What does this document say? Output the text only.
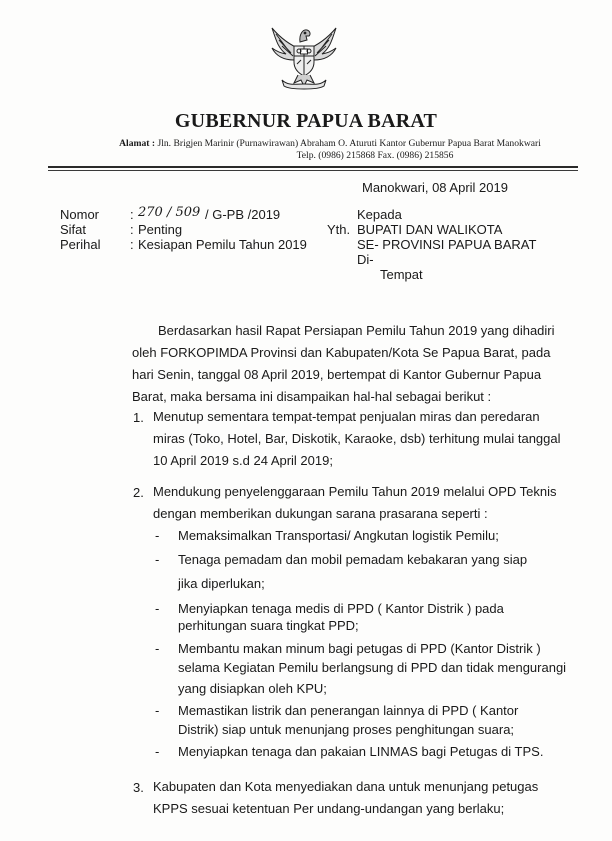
GUBERNUR PAPUA BARAT
Alamat : Jln. Brigjen Marinir (Purnawirawan) Abraham O. Aturuti Kantor Gubernur Papua Barat Manokwari
Telp. (0986) 215868 Fax. (0986) 215856
Manokwari, 08 April 2019
Nomor : 270 / 509 / G-PB /2019
Sifat	: Penting
Perihal : Kesiapan Pemilu Tahun 2019
Kepada
Yth. BUPATI DAN WALIKOTA
SE- PROVINSI PAPUA BARAT
Di-
Tempat
Berdasarkan hasil Rapat Persiapan Pemilu Tahun 2019 yang dihadiri
oleh FORKOPIMDA Provinsi dan Kabupaten/Kota Se Papua Barat, pada
hari Senin, tanggal 08 April 2019, bertempat di Kantor Gubernur Papua
Barat, maka bersama ini disampaikan hal-hal sebagai berikut :
1. Menutup sementara tempat-tempat penjualan miras dan peredaran
miras (Toko, Hotel, Bar, Diskotik, Karaoke, dsb) terhitung mulai tanggal
10 April 2019 s.d 24 April 2019;
2. Mendukung penyelenggaraan Pemilu Tahun 2019 melalui OPD Teknis
dengan memberikan dukungan sarana prasarana seperti :
- Memaksimalkan Transportasi/ Angkutan logistik Pemilu;
- Tenaga pemadam dan mobil pemadam kebakaran yang siap
jika diperlukan;
- Menyiapkan tenaga medis di PPD ( Kantor Distrik ) pada
perhitungan suara tingkat PPD;
- Membantu makan minum bagi petugas di PPD (Kantor Distrik )
selama Kegiatan Pemilu berlangsung di PPD dan tidak mengurangi
yang disiapkan oleh KPU;
- Memastikan listrik dan penerangan lainnya di PPD ( Kantor
Distrik) siap untuk menunjang proses penghitungan suara;
- Menyiapkan tenaga dan pakaian LINMAS bagi Petugas di TPS.
3. Kabupaten dan Kota menyediakan dana untuk menunjang petugas
KPPS sesuai ketentuan Per undang-undangan yang berlaku;
